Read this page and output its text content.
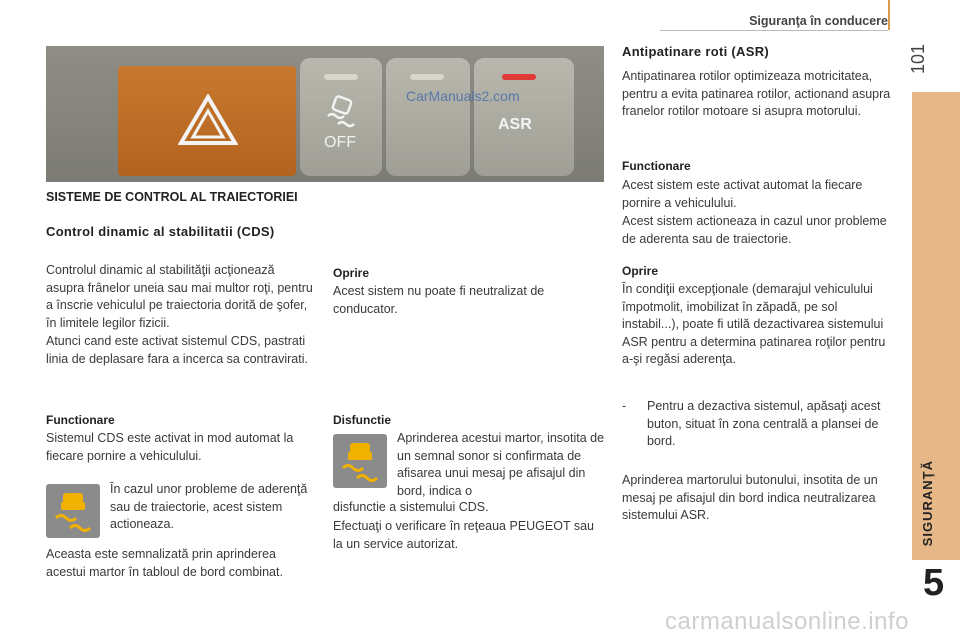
Siguranţa în conducere
101
SIGURANŢĂ
5
OFF
ASR
CarManuals2.com
SISTEME DE CONTROL AL TRAIECTORIEI
Control dinamic al stabilitatii (CDS)

Controlul dinamic al stabilităţii acţionează asupra frânelor uneia sau mai multor roţi, pentru a înscrie vehiculul pe traiectoria dorită de şofer, în limitele legilor fizicii.

Atunci cand este activat sistemul CDS, pastrati linia de deplasare fara a incerca sa contravirati.

Functionare

Sistemul CDS este activat in mod automat la fiecare pornire a vehiculului.

În cazul unor probleme de aderenţă sau de traiectorie, acest sistem actioneaza.

Aceasta este semnalizată prin aprinderea acestui martor în tabloul de bord combinat.

Oprire

Acest sistem nu poate fi neutralizat de conducator.

Disfunctie

Aprinderea acestui martor, insotita de un semnal sonor si confirmata de afisarea unui mesaj pe afisajul din bord, indica o

disfunctie a sistemului CDS.

Efectuaţi o verificare în reţeaua PEUGEOT sau la un service autorizat.

Antipatinare roti (ASR)

Antipatinarea rotilor optimizeaza motricitatea, pentru a evita patinarea rotilor, actionand asupra franelor rotilor motoare si asupra motorului.

Functionare

Acest sistem este activat automat la fiecare pornire a vehiculului.

Acest sistem actioneaza in cazul unor probleme de aderenta sau de traiectorie.

Oprire

În condiţii excepţionale (demarajul vehiculului împotmolit, imobilizat în zăpadă, pe sol instabil...), poate fi utilă dezactivarea sistemului ASR pentru a determina patinarea roţilor pentru a-şi regăsi aderenţa.

- Pentru a dezactiva sistemul, apăsaţi acest buton, situat în zona centrală a plansei de bord.

Aprinderea martorului butonului, insotita de un mesaj pe afisajul din bord indica neutralizarea sistemului ASR.

carmanualsonline.info
